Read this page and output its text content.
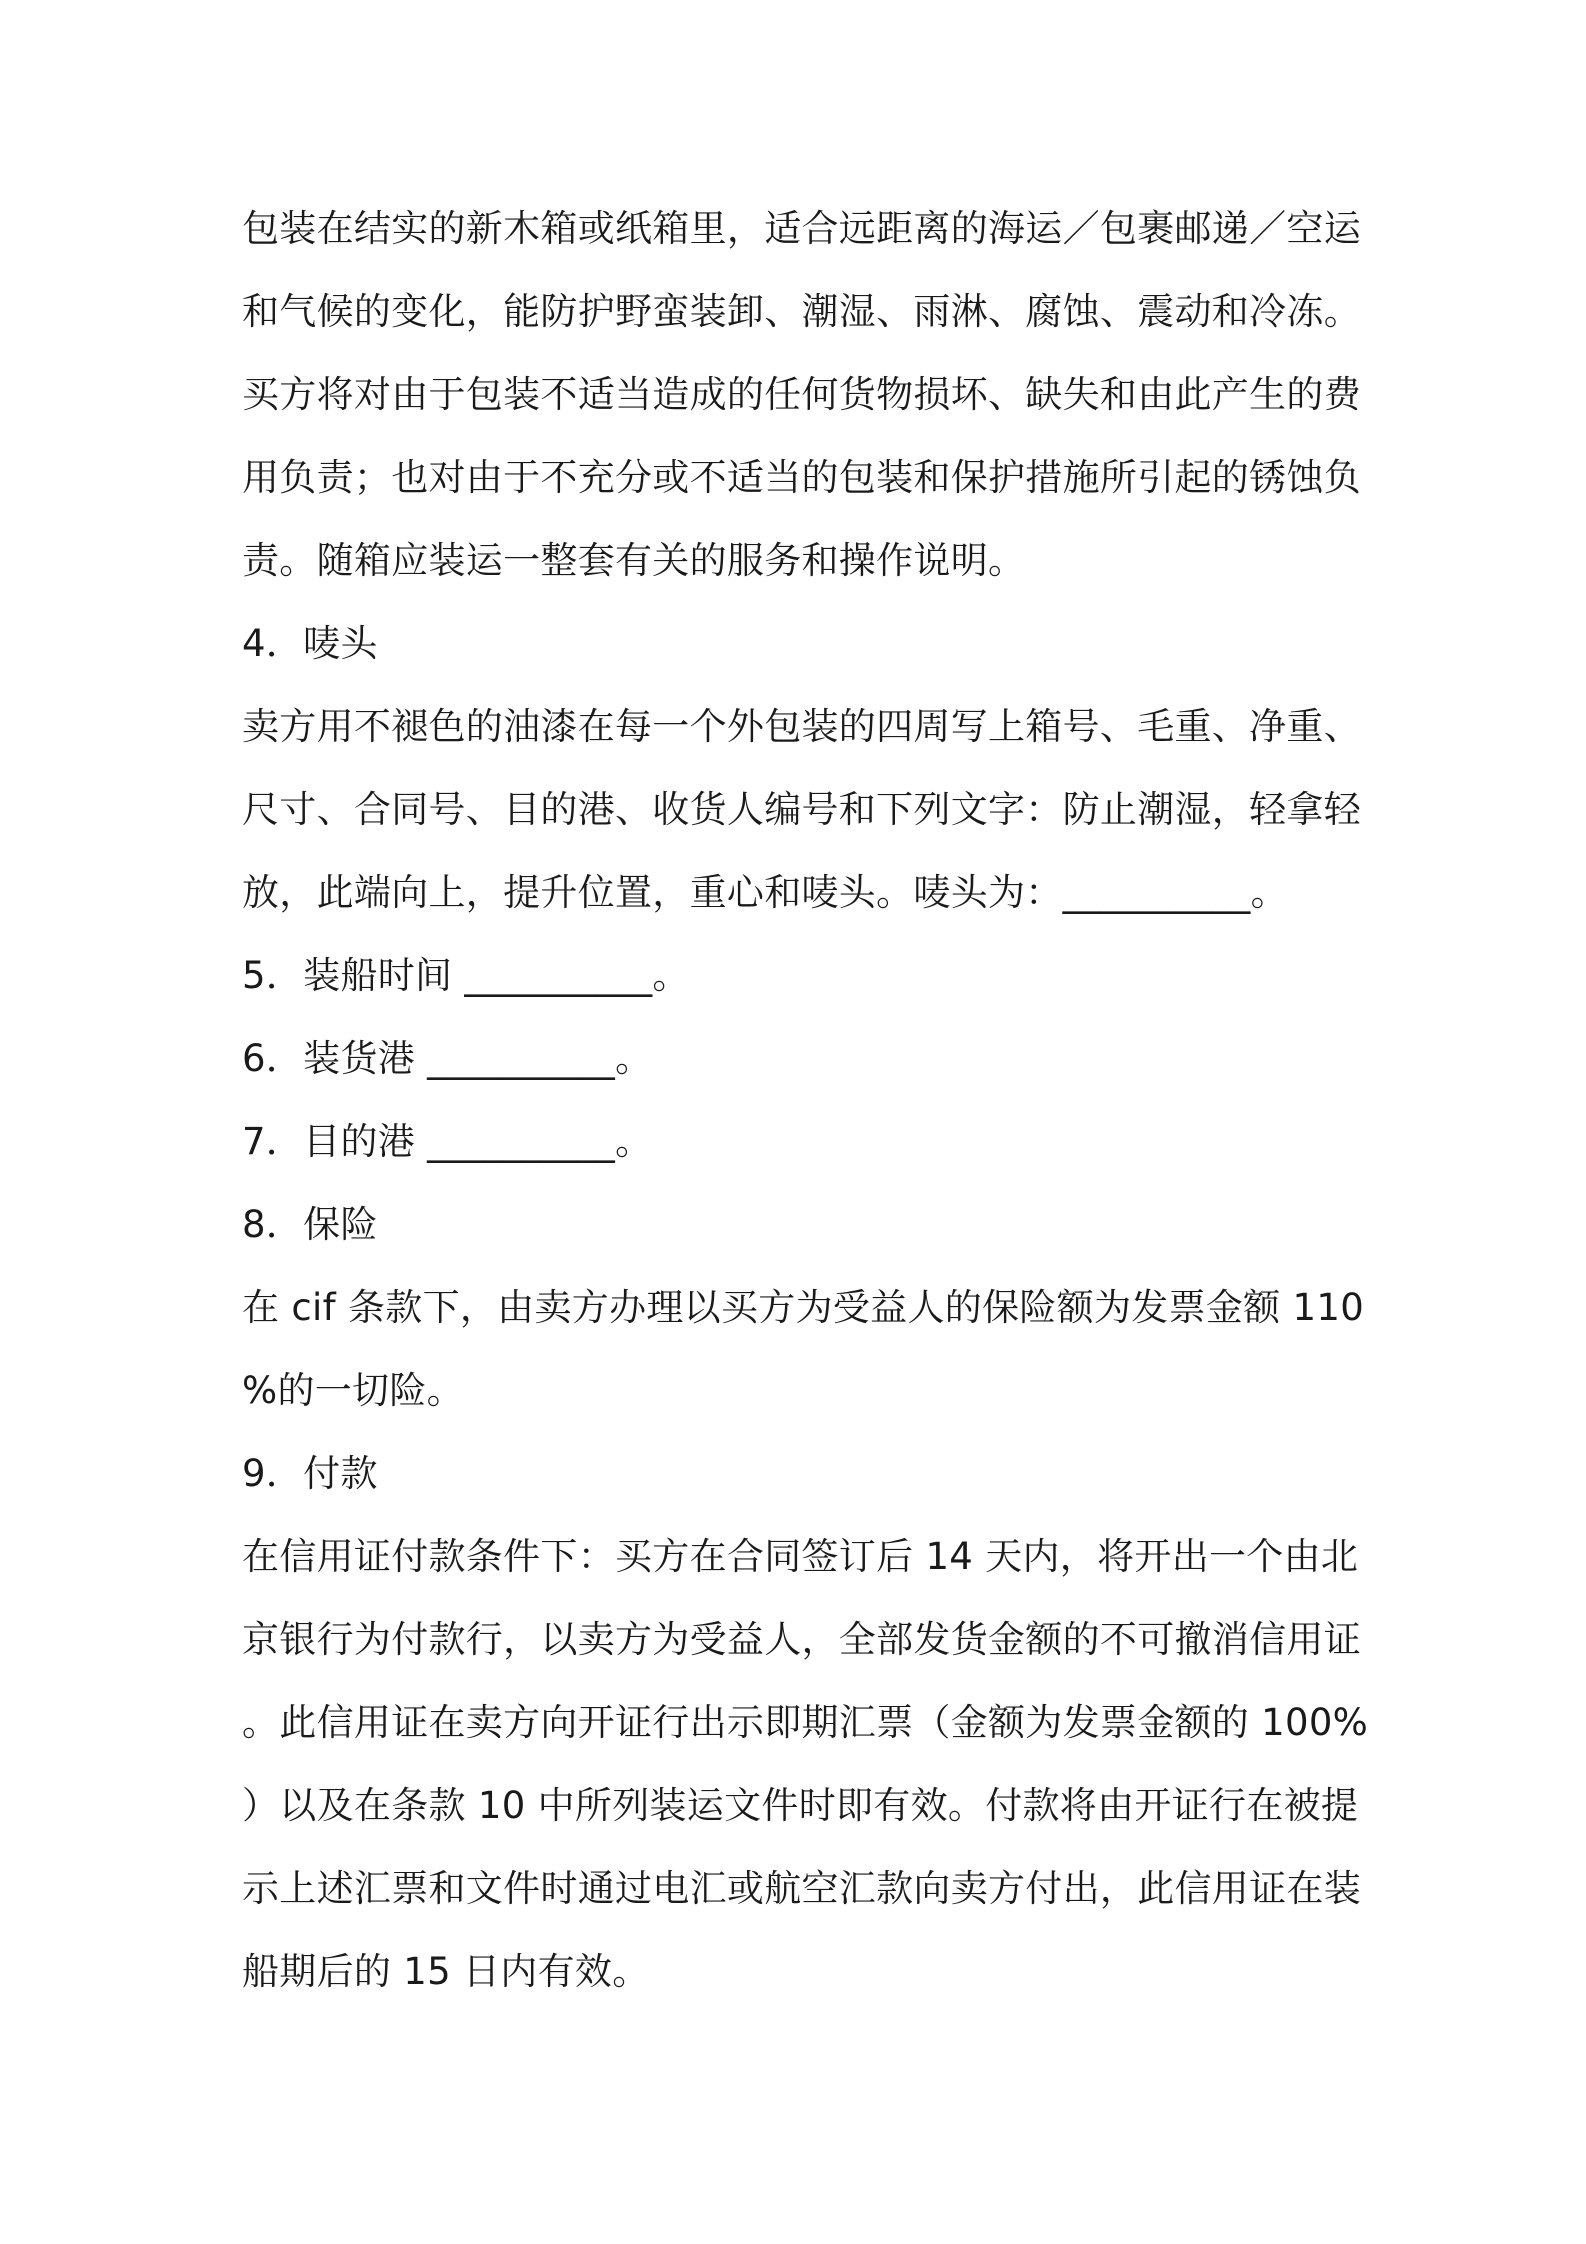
包装在结实的新木箱或纸箱里，适合远距离的海运／包裹邮递／空运
和气候的变化，能防护野蛮装卸、潮湿、雨淋、腐蚀、震动和冷冻。
买方将对由于包装不适当造成的任何货物损坏、缺失和由此产生的费
用负责；也对由于不充分或不适当的包装和保护措施所引起的锈蚀负
责。随箱应装运一整套有关的服务和操作说明。
4．唛头
卖方用不褪色的油漆在每一个外包装的四周写上箱号、毛重、净重、
尺寸、合同号、目的港、收货人编号和下列文字：防止潮湿，轻拿轻
放，此端向上，提升位置，重心和唛头。唛头为：__________。
5．装船时间 __________。
6．装货港 __________。
7．目的港 __________。
8．保险
在 cif 条款下，由卖方办理以买方为受益人的保险额为发票金额 110
%的一切险。
9．付款
在信用证付款条件下：买方在合同签订后 14 天内，将开出一个由北
京银行为付款行，以卖方为受益人，全部发货金额的不可撤消信用证
。此信用证在卖方向开证行出示即期汇票（金额为发票金额的 100%
）以及在条款 10 中所列装运文件时即有效。付款将由开证行在被提
示上述汇票和文件时通过电汇或航空汇款向卖方付出，此信用证在装
船期后的 15 日内有效。
